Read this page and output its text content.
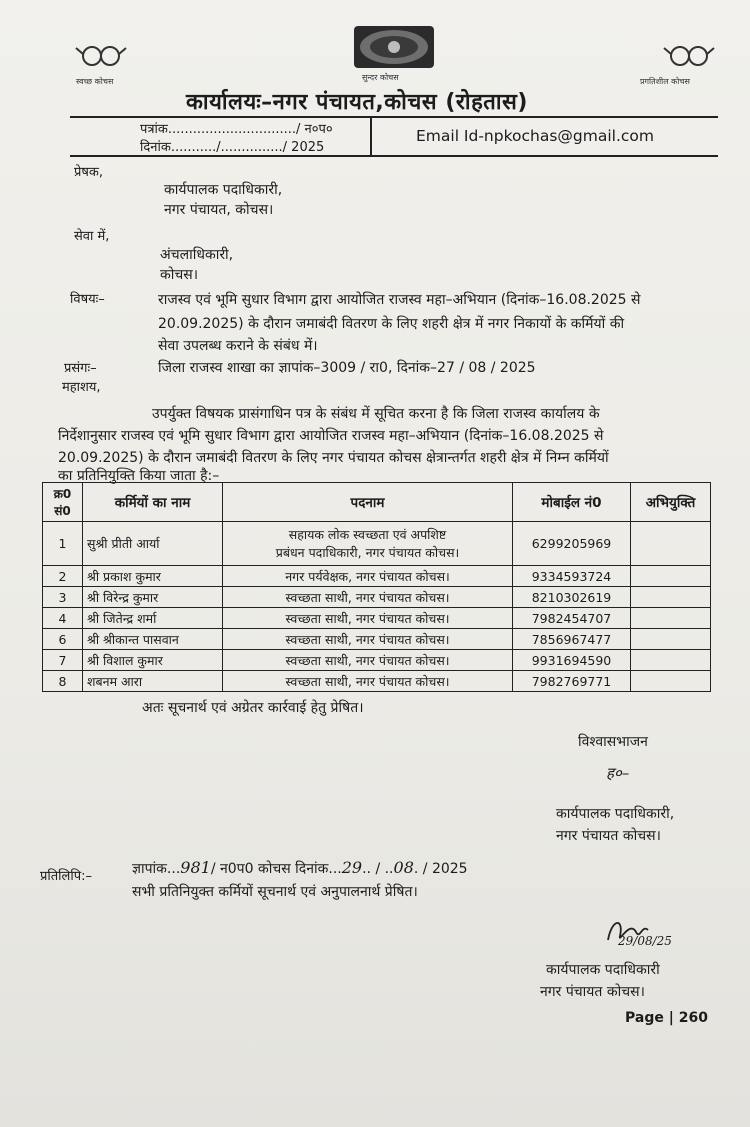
स्वच्छ कोचस	सुन्दर कोचस	प्रगतिशील कोचस
कार्यालयः–नगर पंचायत,कोचस (रोहतास)
पत्रांक.............................../ न०प०
दिनांक.........../.............../ 2025
Email Id-npkochas@gmail.com
प्रेषक,
कार्यपालक पदाधिकारी,
नगर पंचायत, कोचस।
सेवा में,
अंचलाधिकारी,
कोचस।
विषयः–	राजस्व एवं भूमि सुधार विभाग द्वारा आयोजित राजस्व महा–अभियान (दिनांक–16.08.2025 से
20.09.2025) के दौरान जमाबंदी वितरण के लिए शहरी क्षेत्र में नगर निकायों के कर्मियों की
सेवा उपलब्ध कराने के संबंध में।
प्रसंगः–	जिला राजस्व शाखा का ज्ञापांक–3009 / रा0, दिनांक–27 / 08 / 2025
महाशय,
उपर्युक्त विषयक प्रासंगाधिन पत्र के संबंध में सूचित करना है कि जिला राजस्व कार्यालय के
निर्देशानुसार राजस्व एवं भूमि सुधार विभाग द्वारा आयोजित राजस्व महा–अभियान (दिनांक–16.08.2025 से
20.09.2025) के दौरान जमाबंदी वितरण के लिए नगर पंचायत कोचस क्षेत्रान्तर्गत शहरी क्षेत्र में निम्न कर्मियों
का प्रतिनियुक्ति किया जाता है:–
क्र0 सं0	कर्मियों का नाम	पदनाम	मोबाईल नं0	अभियुक्ति
1	सुश्री प्रीती आर्या	सहायक लोक स्वच्छता एवं अपशिष्ट
प्रबंधन पदाधिकारी, नगर पंचायत कोचस।	6299205969	
2	श्री प्रकाश कुमार	नगर पर्यवेक्षक, नगर पंचायत कोचस।	9334593724	
3	श्री विरेन्द्र कुमार	स्वच्छता साथी, नगर पंचायत कोचस।	8210302619	
4	श्री जितेन्द्र शर्मा	स्वच्छता साथी, नगर पंचायत कोचस।	7982454707	
6	श्री श्रीकान्त पासवान	स्वच्छता साथी, नगर पंचायत कोचस।	7856967477	
7	श्री विशाल कुमार	स्वच्छता साथी, नगर पंचायत कोचस।	9931694590	
8	शबनम आरा	स्वच्छता साथी, नगर पंचायत कोचस।	7982769771	
अतः सूचनार्थ एवं अग्रेतर कार्रवाई हेतु प्रेषित।
विश्वासभाजन
ह०–
कार्यपालक पदाधिकारी,
नगर पंचायत कोचस।
प्रतिलिपि:–	ज्ञापांक...981/ न0प0 कोचस दिनांक...29.. / ..08. / 2025
सभी प्रतिनियुक्त कर्मियों सूचनार्थ एवं अनुपालनार्थ प्रेषित।
29/08/25
कार्यपालक पदाधिकारी
नगर पंचायत कोचस।
Page | 260
